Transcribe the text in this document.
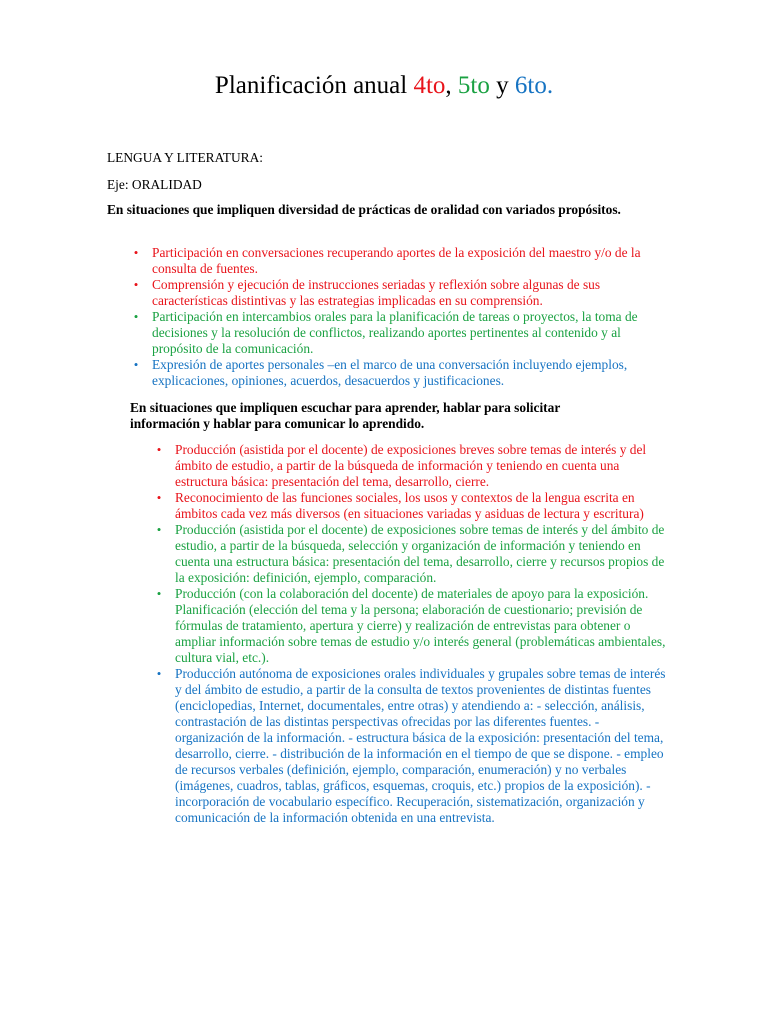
Planificación anual 4to, 5to y 6to.
LENGUA Y LITERATURA:
Eje: ORALIDAD
En situaciones que impliquen diversidad de prácticas de oralidad con variados propósitos.
• Participación en conversaciones recuperando aportes de la exposición del maestro y/o de la consulta de fuentes.
• Comprensión y ejecución de instrucciones seriadas y reflexión sobre algunas de sus características distintivas y las estrategias implicadas en su comprensión.
• Participación en intercambios orales para la planificación de tareas o proyectos, la toma de decisiones y la resolución de conflictos, realizando aportes pertinentes al contenido y al propósito de la comunicación.
• Expresión de aportes personales –en el marco de una conversación incluyendo ejemplos, explicaciones, opiniones, acuerdos, desacuerdos y justificaciones.
En situaciones que impliquen escuchar para aprender, hablar para solicitar información y hablar para comunicar lo aprendido.
• Producción (asistida por el docente) de exposiciones breves sobre temas de interés y del ámbito de estudio, a partir de la búsqueda de información y teniendo en cuenta una estructura básica: presentación del tema, desarrollo, cierre.
• Reconocimiento de las funciones sociales, los usos y contextos de la lengua escrita en ámbitos cada vez más diversos (en situaciones variadas y asiduas de lectura y escritura)
• Producción (asistida por el docente) de exposiciones sobre temas de interés y del ámbito de estudio, a partir de la búsqueda, selección y organización de información y teniendo en cuenta una estructura básica: presentación del tema, desarrollo, cierre y recursos propios de la exposición: definición, ejemplo, comparación.
• Producción (con la colaboración del docente) de materiales de apoyo para la exposición. Planificación (elección del tema y la persona; elaboración de cuestionario; previsión de fórmulas de tratamiento, apertura y cierre) y realización de entrevistas para obtener o ampliar información sobre temas de estudio y/o interés general (problemáticas ambientales, cultura vial, etc.).
• Producción autónoma de exposiciones orales individuales y grupales sobre temas de interés y del ámbito de estudio, a partir de la consulta de textos provenientes de distintas fuentes (enciclopedias, Internet, documentales, entre otras) y atendiendo a: - selección, análisis, contrastación de las distintas perspectivas ofrecidas por las diferentes fuentes. - organización de la información. - estructura básica de la exposición: presentación del tema, desarrollo, cierre. - distribución de la información en el tiempo de que se dispone. - empleo de recursos verbales (definición, ejemplo, comparación, enumeración) y no verbales (imágenes, cuadros, tablas, gráficos, esquemas, croquis, etc.) propios de la exposición). - incorporación de vocabulario específico. Recuperación, sistematización, organización y comunicación de la información obtenida en una entrevista.
